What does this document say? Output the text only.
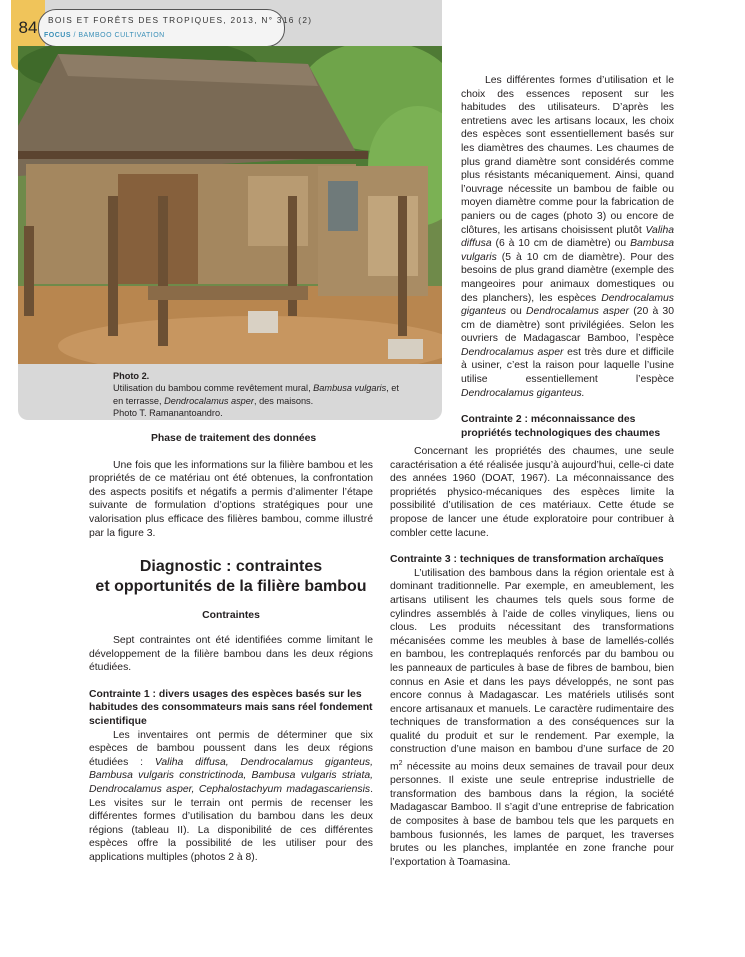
84	BOIS ET FORÊTS DES TROPIQUES, 2013, N° 316 (2)
FOCUS / BAMBOO CULTIVATION
Photo 2.
Utilisation du bambou comme revêtement mural, Bambusa vulgaris, et en terrasse, Dendrocalamus asper, des maisons.
Photo T. Ramanantoandro.

Phase de traitement des données

Une fois que les informations sur la filière bambou et les propriétés de ce matériau ont été obtenues, la confrontation des aspects positifs et négatifs a permis d’alimenter l’étape suivante de formulation d’options stratégiques pour une valorisation plus efficace des filières bambou, comme illustré par la figure 3.

Diagnostic : contraintes
et opportunités de la filière bambou

Contraintes

Sept contraintes ont été identifiées comme limitant le développement de la filière bambou dans les deux régions étudiées.

Contrainte 1 : divers usages des espèces basés sur les habitudes des consommateurs mais sans réel fondement scientifique

Les inventaires ont permis de déterminer que six espèces de bambou poussent dans les deux régions étudiées : Valiha diffusa, Dendrocalamus giganteus, Bambusa vulgaris constrictinoda, Bambusa vulgaris striata, Dendrocalamus asper, Cephalostachyum madagascariensis. Les visites sur le terrain ont permis de recenser les différentes formes d’utilisation du bambou dans les deux régions (tableau II). La disponibilité de ces différentes espèces offre la possibilité de les utiliser pour des applications multiples (photos 2 à 8).

Les différentes formes d’utilisation et le choix des essences reposent sur les habitudes des utilisateurs. D’après les entretiens avec les artisans locaux, les choix des espèces sont essentiellement basés sur les diamètres des chaumes. Les chaumes de plus grand diamètre sont considérés comme plus résistants mécaniquement. Ainsi, quand l’ouvrage nécessite un bambou de faible ou moyen diamètre comme pour la fabrication de paniers ou de cages (photo 3) ou encore de clôtures, les artisans choisissent plutôt Valiha diffusa (6 à 10 cm de diamètre) ou Bambusa vulgaris (5 à 10 cm de diamètre). Pour des besoins de plus grand diamètre (exemple des mangeoires pour animaux domestiques ou des planchers), les espèces Dendrocalamus giganteus ou Dendrocalamus asper (20 à 30 cm de diamètre) sont privilégiées. Selon les ouvriers de Madagascar Bamboo, l’espèce Dendrocalamus asper est très dure et difficile à usiner, c’est la raison pour laquelle l’usine utilise essentiellement l’espèce Dendrocalamus giganteus.

Contrainte 2 : méconnaissance des propriétés technologiques des chaumes

Concernant les propriétés des chaumes, une seule caractérisation a été réalisée jusqu’à aujourd’hui, celle-ci date des années 1960 (DOAT, 1967). La méconnaissance des propriétés physico-mécaniques des espèces limite la possibilité d’utilisation de ces matériaux. Cette étude se propose de lancer une étude exploratoire pour contribuer à combler cette lacune.

Contrainte 3 : techniques de transformation archaïques

L’utilisation des bambous dans la région orientale est à dominant traditionnelle. Par exemple, en ameublement, les artisans utilisent les chaumes tels quels sous forme de cylindres assemblés à l’aide de colles vinyliques, liens ou clous. Les produits nécessitant des transformations mécanisées comme les meubles à base de lamellés-collés en bambou, les contreplaqués renforcés par du bambou ou les panneaux de particules à base de fibres de bambou, bien connus en Asie et dans les pays développés, ne sont pas encore connus à Madagascar. Les matériels utilisés sont encore artisanaux et manuels. Le caractère rudimentaire des techniques de transformation a des conséquences sur la qualité du produit et sur le rendement. Par exemple, la construction d’une maison en bambou d’une surface de 20 $m^2$ nécessite au moins deux semaines de travail pour deux personnes. Il existe une seule entreprise industrielle de transformation des bambous dans la région, la société Madagascar Bamboo. Il s’agit d’une entreprise de fabrication de composites à base de bambou tels que les parquets en bambous fusionnés, les lames de parquet, les traverses brutes ou les planches, implantée en zone franche pour l’exportation à Toamasina.
